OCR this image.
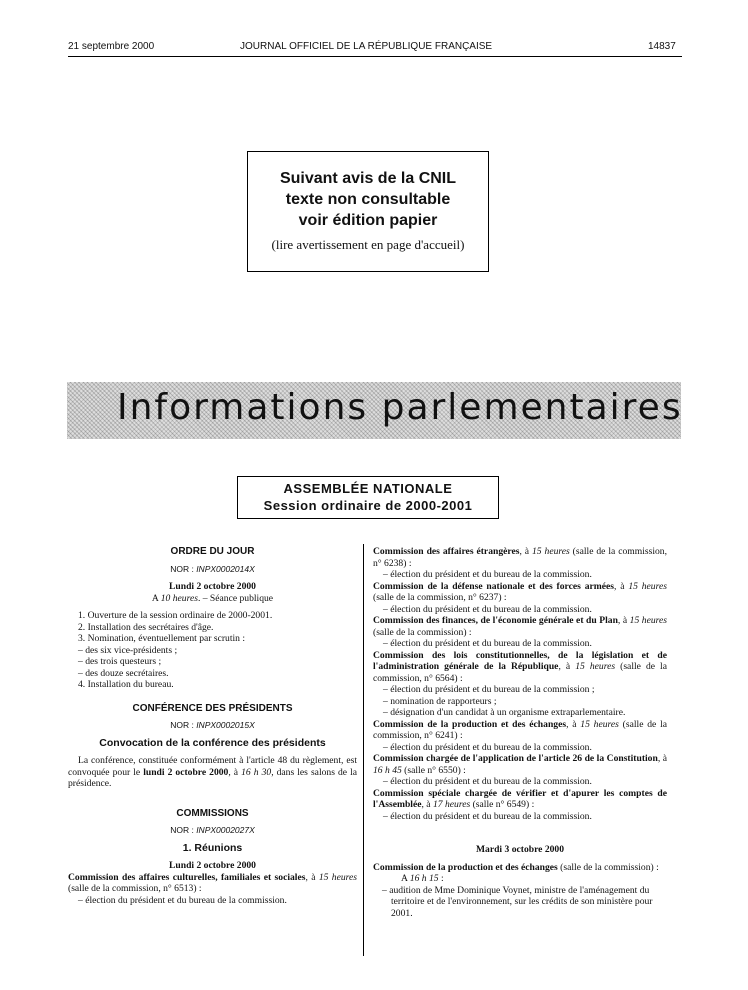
21 septembre 2000	JOURNAL OFFICIEL DE LA RÉPUBLIQUE FRANÇAISE	14837
Suivant avis de la CNIL
texte non consultable
voir édition papier
(lire avertissement en page d'accueil)
Informations parlementaires
ASSEMBLÉE NATIONALE
Session ordinaire de 2000-2001
ORDRE DU JOUR
NOR : INPX0002014X
Lundi 2 octobre 2000
A 10 heures. – Séance publique
1. Ouverture de la session ordinaire de 2000-2001.
2. Installation des secrétaires d'âge.
3. Nomination, éventuellement par scrutin :
– des six vice-présidents ;
– des trois questeurs ;
– des douze secrétaires.
4. Installation du bureau.
CONFÉRENCE DES PRÉSIDENTS
NOR : INPX0002015X
Convocation de la conférence des présidents
La conférence, constituée conformément à l'article 48 du règlement, est convoquée pour le lundi 2 octobre 2000, à 16 h 30, dans les salons de la présidence.
COMMISSIONS
NOR : INPX0002027X
1. Réunions
Lundi 2 octobre 2000
Commission des affaires culturelles, familiales et sociales, à 15 heures (salle de la commission, n° 6513) :
– élection du président et du bureau de la commission.
Commission des affaires étrangères, à 15 heures (salle de la commission, n° 6238) :
– élection du président et du bureau de la commission.
Commission de la défense nationale et des forces armées, à 15 heures (salle de la commission, n° 6237) :
– élection du président et du bureau de la commission.
Commission des finances, de l'économie générale et du Plan, à 15 heures (salle de la commission) :
– élection du président et du bureau de la commission.
Commission des lois constitutionnelles, de la législation et de l'administration générale de la République, à 15 heures (salle de la commission, n° 6564) :
– élection du président et du bureau de la commission ;
– nomination de rapporteurs ;
– désignation d'un candidat à un organisme extraparlementaire.
Commission de la production et des échanges, à 15 heures (salle de la commission, n° 6241) :
– élection du président et du bureau de la commission.
Commission chargée de l'application de l'article 26 de la Constitution, à 16 h 45 (salle n° 6550) :
– élection du président et du bureau de la commission.
Commission spéciale chargée de vérifier et d'apurer les comptes de l'Assemblée, à 17 heures (salle n° 6549) :
– élection du président et du bureau de la commission.
Mardi 3 octobre 2000
Commission de la production et des échanges (salle de la commission) :
A 16 h 15 :
– audition de Mme Dominique Voynet, ministre de l'aménagement du territoire et de l'environnement, sur les crédits de son ministère pour 2001.
